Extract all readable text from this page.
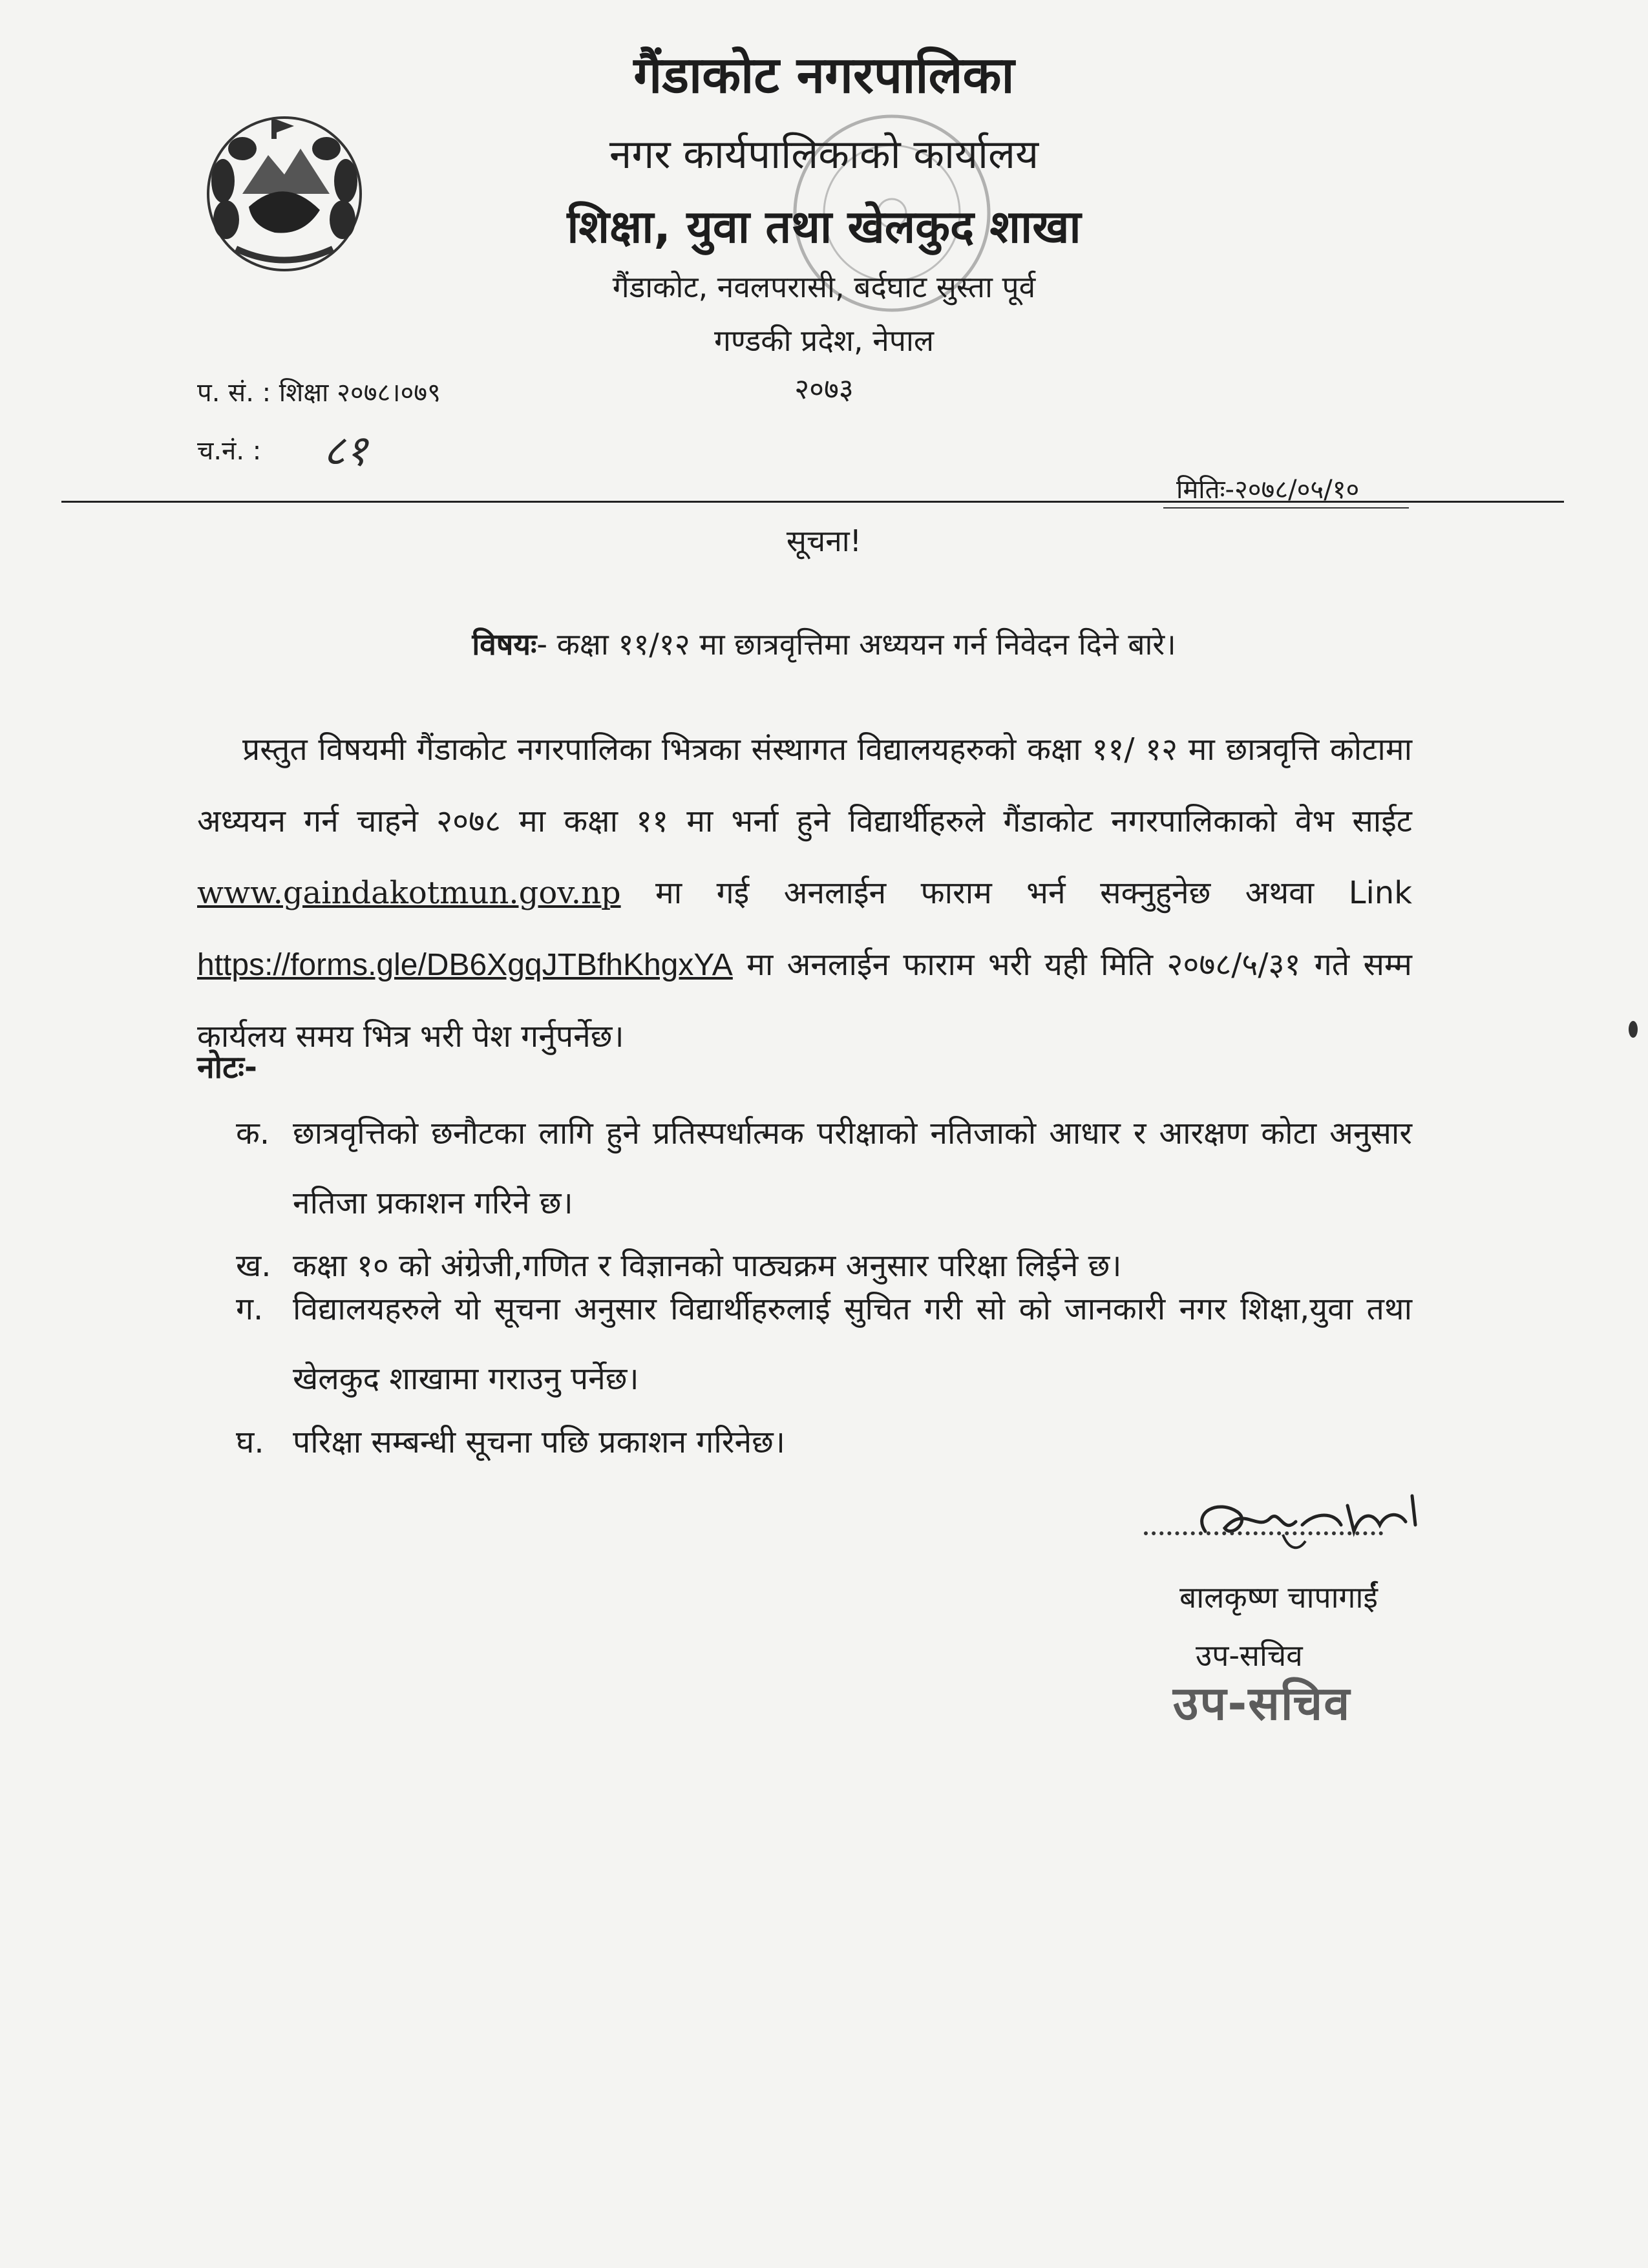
गैंडाकोट नगरपालिका
नगर कार्यपालिकाको कार्यालय
शिक्षा, युवा तथा खेलकुद शाखा
गैंडाकोट, नवलपरासी, बर्दघाट सुस्ता पूर्व
गण्डकी प्रदेश, नेपाल
२०७३
प. सं. : शिक्षा २०७८।०७९
च.नं. : ८१
मितिः-२०७८/०५/१०
सूचना!
विषयः- कक्षा ११/१२ मा छात्रवृत्तिमा अध्ययन गर्न निवेदन दिने बारे।
प्रस्तुत विषयमी गैंडाकोट नगरपालिका भित्रका संस्थागत विद्यालयहरुको कक्षा ११/ १२ मा छात्रवृत्ति कोटामा अध्ययन गर्न चाहने २०७८ मा कक्षा ११ मा भर्ना हुने विद्यार्थीहरुले गैंडाकोट नगरपालिकाको वेभ साईट www.gaindakotmun.gov.np मा गई अनलाईन फाराम भर्न सक्नुहुनेछ अथवा Link https://forms.gle/DB6XgqJTBfhKhgxYA मा अनलाईन फाराम भरी यही मिति २०७८/५/३१ गते सम्म कार्यलय समय भित्र भरी पेश गर्नुपर्नेछ।
नोटः-
क. छात्रवृत्तिको छनौटका लागि हुने प्रतिस्पर्धात्मक परीक्षाको नतिजाको आधार र आरक्षण कोटा अनुसार नतिजा प्रकाशन गरिने छ।
ख. कक्षा १० को अंग्रेजी,गणित र विज्ञानको पाठ्यक्रम अनुसार परिक्षा लिईने छ।
ग. विद्यालयहरुले यो सूचना अनुसार विद्यार्थीहरुलाई सुचित गरी सो को जानकारी नगर शिक्षा,युवा तथा खेलकुद शाखामा गराउनु पर्नेछ।
घ. परिक्षा सम्बन्धी सूचना पछि प्रकाशन गरिनेछ।
बालकृष्ण चापागाईं
उप-सचिव
उप-सचिव
